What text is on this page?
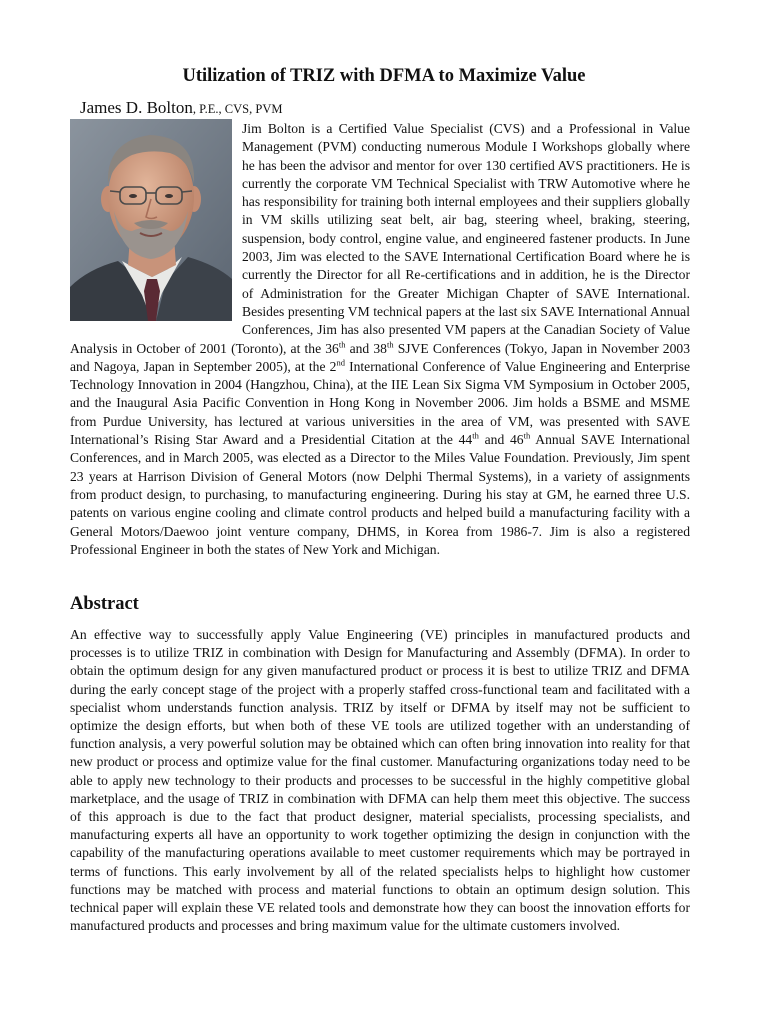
Utilization of TRIZ with DFMA to Maximize Value
James D. Bolton, P.E., CVS, PVM

Jim Bolton is a Certified Value Specialist (CVS) and a Professional in Value Management (PVM) conducting numerous Module I Workshops globally where he has been the advisor and mentor for over 130 certified AVS practitioners. He is currently the corporate VM Technical Specialist with TRW Automotive where he has responsibility for training both internal employees and their suppliers globally in VM skills utilizing seat belt, air bag, steering wheel, braking, steering, suspension, body control, engine value, and engineered fastener products. In June 2003, Jim was elected to the SAVE International Certification Board where he is currently the Director for all Re-certifications and in addition, he is the Director of Administration for the Greater Michigan Chapter of SAVE International. Besides presenting VM technical papers at the last six SAVE International Annual Conferences, Jim has also presented VM papers at the Canadian Society of Value Analysis in October of 2001 (Toronto), at the 36th and 38th SJVE Conferences (Tokyo, Japan in November 2003 and Nagoya, Japan in September 2005), at the 2nd International Conference of Value Engineering and Enterprise Technology Innovation in 2004 (Hangzhou, China), at the IIE Lean Six Sigma VM Symposium in October 2005, and the Inaugural Asia Pacific Convention in Hong Kong in November 2006. Jim holds a BSME and MSME from Purdue University, has lectured at various universities in the area of VM, was presented with SAVE International’s Rising Star Award and a Presidential Citation at the 44th and 46th Annual SAVE International Conferences, and in March 2005, was elected as a Director to the Miles Value Foundation. Previously, Jim spent 23 years at Harrison Division of General Motors (now Delphi Thermal Systems), in a variety of assignments from product design, to purchasing, to manufacturing engineering. During his stay at GM, he earned three U.S. patents on various engine cooling and climate control products and helped build a manufacturing facility with a General Motors/Daewoo joint venture company, DHMS, in Korea from 1986-7. Jim is also a registered Professional Engineer in both the states of New York and Michigan.

Abstract

An effective way to successfully apply Value Engineering (VE) principles in manufactured products and processes is to utilize TRIZ in combination with Design for Manufacturing and Assembly (DFMA). In order to obtain the optimum design for any given manufactured product or process it is best to utilize TRIZ and DFMA during the early concept stage of the project with a properly staffed cross-functional team and facilitated with a specialist whom understands function analysis. TRIZ by itself or DFMA by itself may not be sufficient to optimize the design efforts, but when both of these VE tools are utilized together with an understanding of function analysis, a very powerful solution may be obtained which can often bring innovation into reality for that new product or process and optimize value for the final customer. Manufacturing organizations today need to be able to apply new technology to their products and processes to be successful in the highly competitive global marketplace, and the usage of TRIZ in combination with DFMA can help them meet this objective. The success of this approach is due to the fact that product designer, material specialists, processing specialists, and manufacturing experts all have an opportunity to work together optimizing the design in conjunction with the capability of the manufacturing operations available to meet customer requirements which may be portrayed in terms of functions. This early involvement by all of the related specialists helps to highlight how customer functions may be matched with process and material functions to obtain an optimum design solution. This technical paper will explain these VE related tools and demonstrate how they can boost the innovation efforts for manufactured products and processes and bring maximum value for the ultimate customers involved.
